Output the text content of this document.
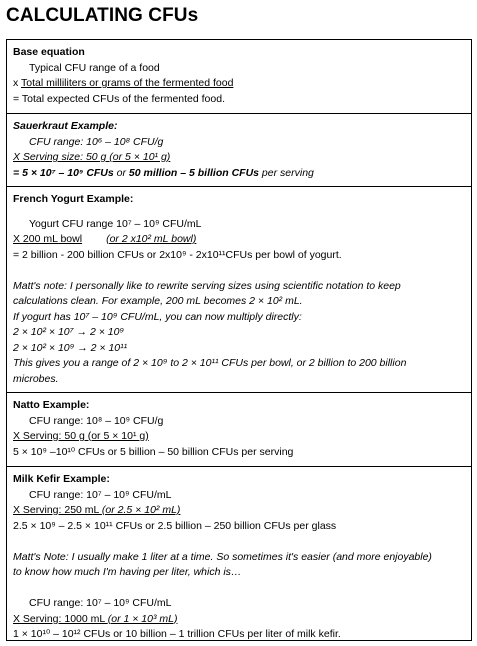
CALCULATING CFUs
Base equation
Typical CFU range of a food
x Total milliliters or grams of the fermented food
= Total expected CFUs of the fermented food.
Sauerkraut Example:
CFU range: 10⁶ – 10⁸ CFU/g
X Serving size: 50 g (or 5 × 10¹ g)
= 5 × 10⁷ – 10⁹ CFUs or 50 million – 5 billion CFUs per serving
French Yogurt Example:
Yogurt CFU range 10⁷ – 10⁹ CFU/mL
X 200 mL bowl (or 2 x10² mL bowl)
= 2 billion - 200 billion CFUs or 2x10⁹ - 2x10¹¹CFUs per bowl of yogurt.
Matt's note: I personally like to rewrite serving sizes using scientific notation to keep
calculations clean. For example, 200 mL becomes 2 × 10² mL.
If yogurt has 10⁷ – 10⁹ CFU/mL, you can now multiply directly:
2 × 10² × 10⁷ → 2 × 10⁹
2 × 10² × 10⁹ → 2 × 10¹¹
This gives you a range of 2 × 10⁹ to 2 × 10¹¹ CFUs per bowl, or 2 billion to 200 billion
microbes.
Natto Example:
CFU range: 10⁸ – 10⁹ CFU/g
X Serving: 50 g (or 5 × 10¹ g)
5 × 10⁹ –10¹⁰ CFUs or 5 billion – 50 billion CFUs per serving
Milk Kefir Example:
CFU range: 10⁷ – 10⁹ CFU/mL
X Serving: 250 mL (or 2.5 × 10² mL)
2.5 × 10⁹ – 2.5 × 10¹¹ CFUs or 2.5 billion – 250 billion CFUs per glass
Matt's Note: I usually make 1 liter at a time. So sometimes it's easier (and more enjoyable)
to know how much I'm having per liter, which is…
CFU range: 10⁷ – 10⁹ CFU/mL
X Serving: 1000 mL (or 1 × 10³ mL)
1 × 10¹⁰ – 10¹² CFUs or 10 billion – 1 trillion CFUs per liter of milk kefir.
